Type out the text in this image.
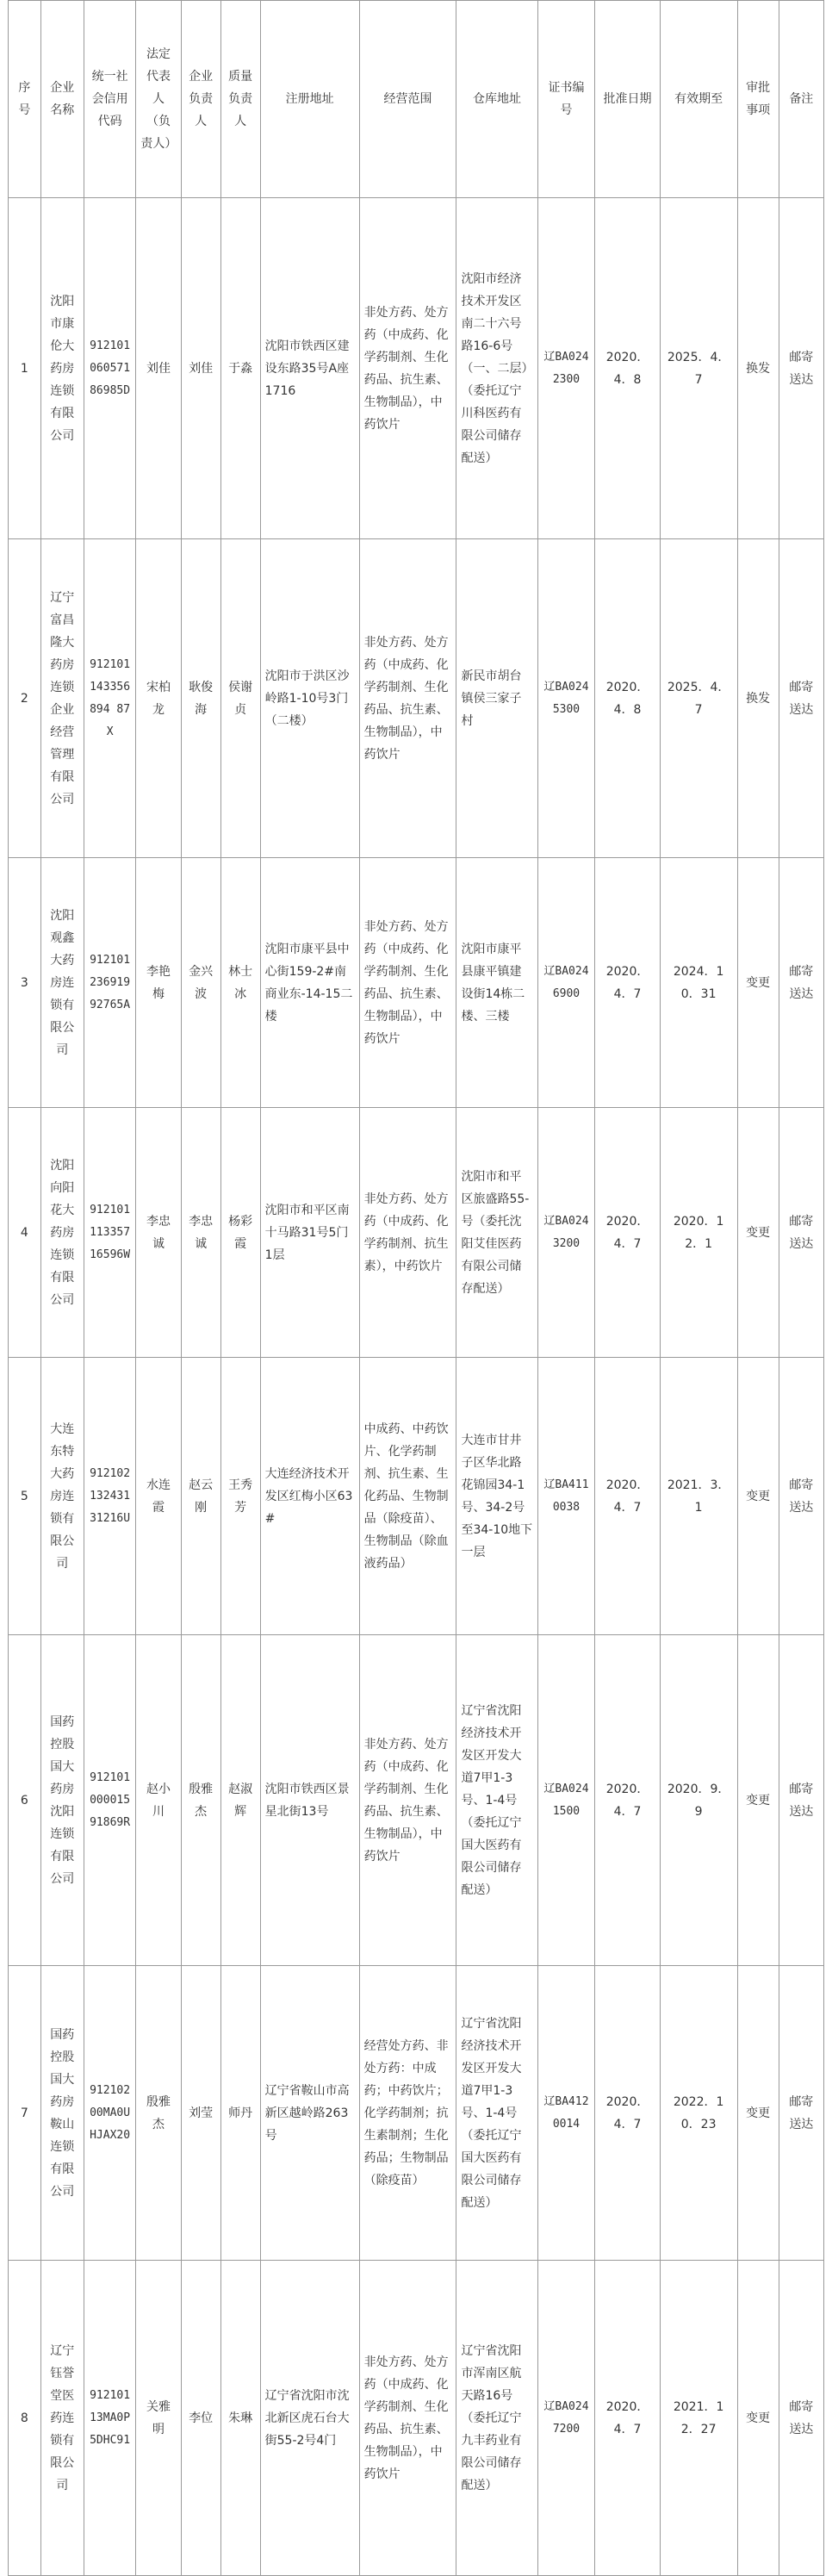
序号	企业名称	统一社会信用代码	法定代表人（负责人）	企业负责人	质量负责人	注册地址	经营范围	仓库地址	证书编号	批准日期	有效期至	审批事项	备注
1	沈阳市康伦大药房连锁有限公司	91210106057186985D	刘佳	刘佳	于淼	沈阳市铁西区建设东路35号A座1716	非处方药、处方药（中成药、化学药制剂、生化药品、抗生素、生物制品），中药饮片	沈阳市经济技术开发区南二十六号路16-6号（一、二层）（委托辽宁川科医药有限公司储存配送）	辽BA0242300	2020．4．8	2025．4．7	换发	邮寄送达
2	辽宁富昌隆大药房连锁企业经营管理有限公司	912101143356894 87X	宋柏龙	耿俊海	侯谢贞	沈阳市于洪区沙岭路1-10号3门（二楼）	非处方药、处方药（中成药、化学药制剂、生化药品、抗生素、生物制品），中药饮片	新民市胡台镇侯三家子村	辽BA0245300	2020．4．8	2025．4．7	换发	邮寄送达
3	沈阳观鑫大药房连锁有限公司	91210123691992765A	李艳梅	金兴波	林士冰	沈阳市康平县中心街159-2#南商业东-14-15二楼	非处方药、处方药（中成药、化学药制剂、生化药品、抗生素、生物制品），中药饮片	沈阳市康平县康平镇建设街14栋二楼、三楼	辽BA0246900	2020．4．7	2024．10．31	变更	邮寄送达
4	沈阳向阳花大药房连锁有限公司	91210111335716596W	李忠诚	李忠诚	杨彩霞	沈阳市和平区南十马路31号5门1层	非处方药、处方药（中成药、化学药制剂、抗生素），中药饮片	沈阳市和平区旅盛路55-号（委托沈阳艾佳医药有限公司储存配送）	辽BA0243200	2020．4．7	2020．12．1	变更	邮寄送达
5	大连东特大药房连锁有限公司	91210213243131216U	水连霞	赵云刚	王秀芳	大连经济技术开发区红梅小区63#	中成药、中药饮片、化学药制剂、抗生素、生化药品、生物制品（除疫苗）、生物制品（除血液药品）	大连市甘井子区华北路花锦园34-1号、34-2号至34-10地下一层	辽BA4110038	2020．4．7	2021．3．1	变更	邮寄送达
6	国药控股国大药房沈阳连锁有限公司	91210100001591869R	赵小川	殷雅杰	赵淑辉	沈阳市铁西区景星北街13号	非处方药、处方药（中成药、化学药制剂、生化药品、抗生素、生物制品），中药饮片	辽宁省沈阳经济技术开发区开发大道7甲1-3号、1-4号（委托辽宁国大医药有限公司储存配送）	辽BA0241500	2020．4．7	2020．9．9	变更	邮寄送达
7	国药控股国大药房鞍山连锁有限公司	91210200MA0UHJAX20	殷雅杰	刘莹	师丹	辽宁省鞍山市高新区越岭路263号	经营处方药、非处方药：中成药；中药饮片；化学药制剂；抗生素制剂；生化药品；生物制品（除疫苗）	辽宁省沈阳经济技术开发区开发大道7甲1-3号、1-4号（委托辽宁国大医药有限公司储存配送）	辽BA4120014	2020．4．7	2022．10．23	变更	邮寄送达
8	辽宁钰誉堂医药连锁有限公司	91210113MA0P5DHC91	关雅明	李位	朱琳	辽宁省沈阳市沈北新区虎石台大街55-2号4门	非处方药、处方药（中成药、化学药制剂、生化药品、抗生素、生物制品），中药饮片	辽宁省沈阳市浑南区航天路16号（委托辽宁九丰药业有限公司储存配送）	辽BA0247200	2020．4．7	2021．12．27	变更	邮寄送达
